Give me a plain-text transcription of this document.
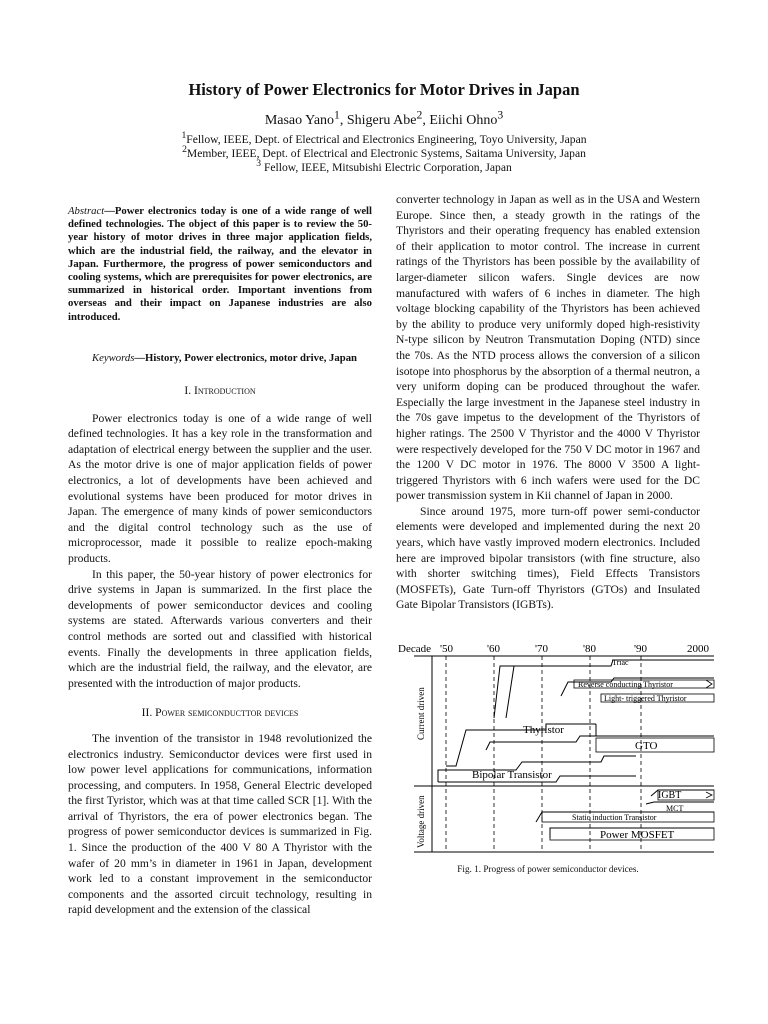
History of Power Electronics for Motor Drives in Japan
Masao Yano$^1$, Shigeru Abe$^2$, Eiichi Ohno$^3$
$^1$Fellow, IEEE, Dept. of Electrical and Electronics Engineering, Toyo University, Japan
$^2$Member, IEEE, Dept. of Electrical and Electronic Systems, Saitama University, Japan
$^3$ Fellow, IEEE, Mitsubishi Electric Corporation, Japan

Abstract—Power electronics today is one of a wide range of well defined technologies. The object of this paper is to review the 50-year history of motor drives in three major application fields, which are the industrial field, the railway, and the elevator in Japan. Furthermore, the progress of power semiconductors and cooling systems, which are prerequisites for power electronics, are summarized in historical order. Important inventions from overseas and their impact on Japanese industries are also introduced.

Keywords—History, Power electronics, motor drive, Japan

I. Introduction

Power electronics today is one of a wide range of well defined technologies. It has a key role in the transformation and adaptation of electrical energy between the supplier and the user. As the motor drive is one of major application fields of power electronics, a lot of developments have been achieved and evolutional systems have been produced for motor drives in Japan. The emergence of many kinds of power semiconductors and the digital control technology such as the use of microprocessor, made it possible to realize epoch-making products.

In this paper, the 50-year history of power electronics for drive systems in Japan is summarized. In the first place the developments of power semiconductor devices and cooling systems are stated. Afterwards various converters and their control methods are sorted out and classified with historical events. Finally the developments in three application fields, which are the industrial field, the railway, and the elevator, are presented with the introduction of major products.

II. Power semiconducttor devices

The invention of the transistor in 1948 revolutionized the electronics industry. Semiconductor devices were first used in low power level applications for communications, information processing, and computers. In 1958, General Electric developed the first Tyristor, which was at that time called SCR [1]. With the arrival of Thyristors, the era of power electronics began. The progress of power semiconductor devices is summarized in Fig. 1. Since the production of the 400 V 80 A Thyristor with the wafer of 20 mm’s in diameter in 1961 in Japan, development work led to a constant improvement in the semiconductor components and the assorted circuit technology, resulting in rapid development and the extension of the classical

converter technology in Japan as well as in the USA and Western Europe. Since then, a steady growth in the ratings of the Thyristors and their operating frequency has enabled extension of their application to motor control. The increase in current ratings of the Thyristors has been possible by the availability of larger-diameter silicon wafers. Single devices are now manufactured with wafers of 6 inches in diameter. The high voltage blocking capability of the Thyristors has been achieved by the ability to produce very uniformly doped high-resistivity N-type silicon by Neutron Transmutation Doping (NTD) since the 70s. As the NTD process allows the conversion of a silicon isotope into phosphorus by the absorption of a thermal neutron, a very uniform doping can be produced throughout the wafer. Especially the large investment in the Japanese steel industry in the 70s gave impetus to the development of the Thyristors of higher ratings. The 2500 V Thyristor and the 4000 V Thyristor were respectively developed for the 750 V DC motor in 1967 and the 1200 V DC motor in 1976. The 8000 V 3500 A light-triggered Thyristors with 6 inch wafers were used for the DC power transmission system in Kii channel of Japan in 2000.

Since around 1975, more turn-off power semi-conductor elements were developed and implemented during the next 20 years, which have vastly improved modern electronics. Included here are improved bipolar transistors (with fine structure, also with shorter switching times), Field Effects Transistors (MOSFETs), Gate Turn-off Thyristors (GTOs) and Insulated Gate Bipolar Transistors (IGBTs).

Decade '50	'60	'70	'80	'90	2000
Current driven
Voltage driven
Triac
Reverse conducting Thyristor
Light- triggered Thyristor
Thyristor
GTO
Bipolar Transistor
IGBT
MCT
Static induction Transistor
Power MOSFET
Fig. 1. Progress of power semiconductor devices.
